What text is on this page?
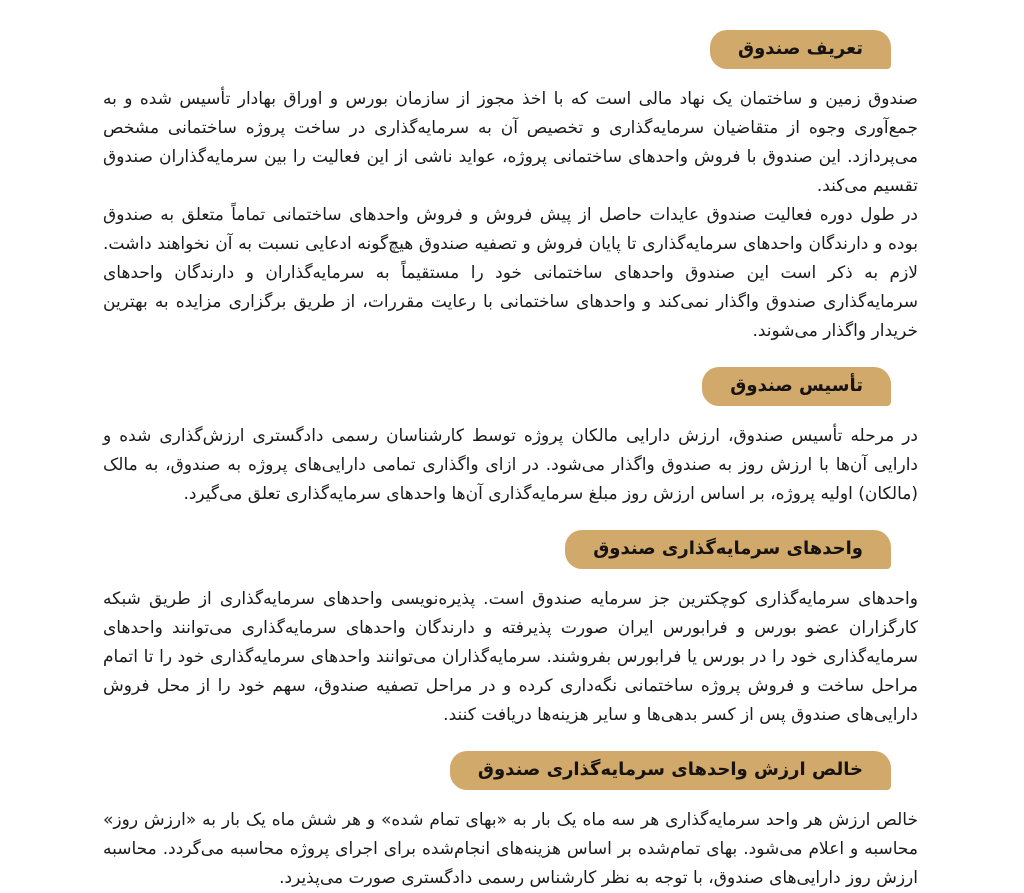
تعریف صندوق

صندوق زمین و ساختمان یک نهاد مالی است که با اخذ مجوز از سازمان بورس و اوراق بهادار تأسیس شده و به جمع‌آوری وجوه از متقاضیان سرمایه‌گذاری و تخصیص آن به سرمایه‌گذاری در ساخت پروژه ساختمانی مشخص می‌پردازد. این صندوق با فروش واحدهای ساختمانی پروژه، عواید ناشی از این فعالیت را بین سرمایه‌گذاران صندوق تقسیم می‌کند.

در طول دوره فعالیت صندوق عایدات حاصل از پیش فروش و فروش واحدهای ساختمانی تماماً متعلق به صندوق بوده و دارندگان واحدهای سرمایه‌گذاری تا پایان فروش و تصفیه صندوق هیچ‌گونه ادعایی نسبت به آن نخواهند داشت. لازم به ذکر است این صندوق واحدهای ساختمانی خود را مستقیماً به سرمایه‌گذاران و دارندگان واحدهای سرمایه‌گذاری صندوق واگذار نمی‌کند و واحدهای ساختمانی با رعایت مقررات، از طریق برگزاری مزایده به بهترین خریدار واگذار می‌شوند.

تأسیس صندوق

در مرحله تأسیس صندوق، ارزش دارایی مالکان پروژه توسط کارشناسان رسمی دادگستری ارزش‌گذاری شده و دارایی آن‌ها با ارزش روز به صندوق واگذار می‌شود. در ازای واگذاری تمامی دارایی‌های پروژه به صندوق، به مالک (مالکان) اولیه پروژه، بر اساس ارزش روز مبلغ سرمایه‌گذاری آن‌ها واحدهای سرمایه‌گذاری تعلق می‌گیرد.

واحدهای سرمایه‌گذاری صندوق

واحدهای سرمایه‌گذاری کوچکترین جز سرمایه صندوق است. پذیره‌نویسی واحدهای سرمایه‌گذاری از طریق شبکه کارگزاران عضو بورس و فرابورس ایران صورت پذیرفته و دارندگان واحدهای سرمایه‌گذاری می‌توانند واحدهای سرمایه‌گذاری خود را در بورس یا فرابورس بفروشند. سرمایه‌گذاران می‌توانند واحدهای سرمایه‌گذاری خود را تا اتمام مراحل ساخت و فروش پروژه ساختمانی نگه‌داری کرده و در مراحل تصفیه صندوق، سهم خود را از محل فروش دارایی‌های صندوق پس از کسر بدهی‌ها و سایر هزینه‌ها دریافت کنند.

خالص ارزش واحدهای سرمایه‌گذاری صندوق

خالص ارزش هر واحد سرمایه‌گذاری هر سه ماه یک بار به «بهای تمام شده» و هر شش ماه یک بار به «ارزش روز» محاسبه و اعلام می‌شود. بهای تمام‌شده بر اساس هزینه‌های انجام‌شده برای اجرای پروژه محاسبه می‌گردد. محاسبه ارزش روز دارایی‌های صندوق، با توجه به نظر کارشناس رسمی دادگستری صورت می‌پذیرد.
